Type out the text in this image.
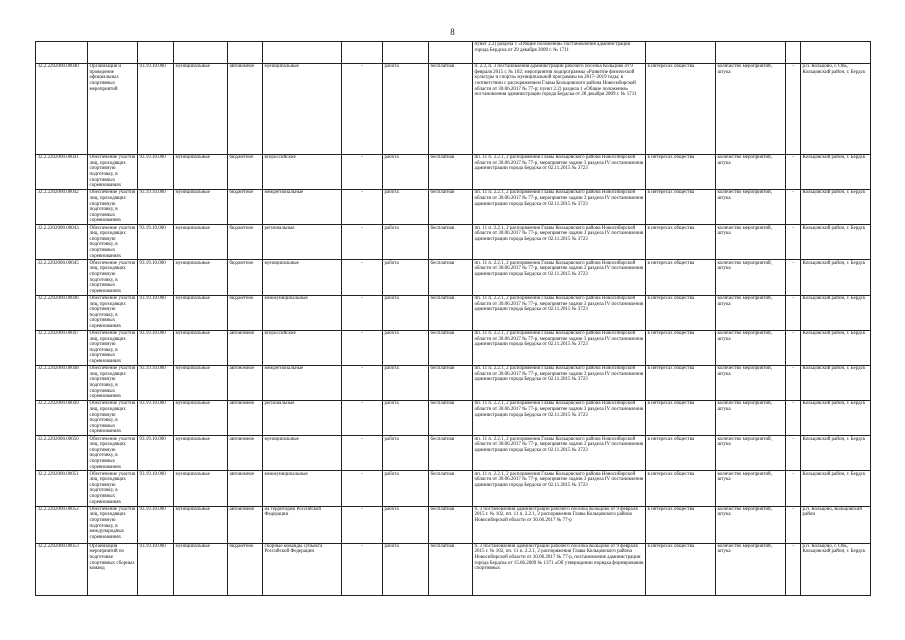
8
									пункт 2.2) раздела 1 «Общие положения» постановления администрации города Бердска от 29 декабря 2009 г. № 1711				
32.2.2202000.00040	Организация и проведение официальных спортивных мероприятий	93.19.10.000	муниципальные	автономное	муниципальные	-	работа	бесплатная	п. 2.3, п. 3 постановления администрации рабочего поселка Кольцово от 9 февраля 2015 г. № 102; мероприятия подпрограммы «Развитие физической культуры и спорта» муниципальной программы на 2017–2019 годы; в соответствии с распоряжением Главы Кольцовского района Новосибирской области от 30.06.2017 № 77-р; пункт 2.2) раздела 1 «Общие положения» постановления администрации города Бердска от 28 декабря 2009 г. № 1711	в интересах общества	количество мероприятий, штука	-	р.п. Кольцово, г. Обь, Кольцовский район, г. Бердск
32.2.2202000.00041	Обеспечение участия лиц, проходящих спортивную подготовку, в спортивных соревнованиях	93.19.10.000	муниципальные	бюджетное	всероссийские	-	работа	бесплатная	пп. 11 п. 2.2.1, 2 распоряжения Главы Кольцовского района Новосибирской области от 30.06.2017 № 77-р, мероприятие задачи 3 раздела IV постановления администрации города Бердска от 02.11.2015 № 3723	в интересах общества	количество мероприятий, штука	-	Кольцовский район, г. Бердск
32.2.2202000.00042	Обеспечение участия лиц, проходящих спортивную подготовку, в спортивных соревнованиях	93.19.10.000	муниципальные	бюджетное	межрегиональные	-	работа	бесплатная	пп. 11 п. 2.2.1, 2 распоряжения Главы Кольцовского района Новосибирской области от 30.06.2017 № 77-р, мероприятие задачи 3 раздела IV постановления администрации города Бердска от 02.11.2015 № 3723	в интересах общества	количество мероприятий, штука	-	Кольцовский район, г. Бердск
32.2.2202000.00043	Обеспечение участия лиц, проходящих спортивную подготовку, в спортивных соревнованиях	93.19.10.000	муниципальные	бюджетное	региональные	-	работа	бесплатная	пп. 11 п. 2.2.1, 2 распоряжения Главы Кольцовского района Новосибирской области от 30.06.2017 № 77-р, мероприятие задачи 3 раздела IV постановления администрации города Бердска от 02.11.2015 № 3723	в интересах общества	количество мероприятий, штука	-	Кольцовский район, г. Бердск
32.2.2202000.00045	Обеспечение участия лиц, проходящих спортивную подготовку, в спортивных соревнованиях	93.19.10.000	муниципальные	бюджетное	муниципальные	-	работа	бесплатная	пп. 11 п. 2.2.1, 2 распоряжения Главы Кольцовского района Новосибирской области от 30.06.2017 № 77-р, мероприятие задачи 3 раздела IV постановления администрации города Бердска от 02.11.2015 № 3723	в интересах общества	количество мероприятий, штука	-	Кольцовский район, г. Бердск
32.2.2202000.00046	Обеспечение участия лиц, проходящих спортивную подготовку, в спортивных соревнованиях	93.19.10.000	муниципальные	бюджетное	межмуниципальные	-	работа	бесплатная	пп. 11 п. 2.2.1, 2 распоряжения Главы Кольцовского района Новосибирской области от 30.06.2017 № 77-р, мероприятие задачи 3 раздела IV постановления администрации города Бердска от 02.11.2015 № 3723	в интересах общества	количество мероприятий, штука	-	Кольцовский район, г. Бердск
32.2.2202000.00047	Обеспечение участия лиц, проходящих спортивную подготовку, в спортивных соревнованиях	93.19.10.000	муниципальные	автономное	всероссийские	-	работа	бесплатная	пп. 11 п. 2.2.1, 2 распоряжения Главы Кольцовского района Новосибирской области от 30.06.2017 № 77-р, мероприятие задачи 3 раздела IV постановления администрации города Бердска от 02.11.2015 № 3723	в интересах общества	количество мероприятий, штука	-	Кольцовский район, г. Бердск
32.2.2202000.00048	Обеспечение участия лиц, проходящих спортивную подготовку, в спортивных соревнованиях	93.19.10.000	муниципальные	автономное	межрегиональные	-	работа	бесплатная	пп. 11 п. 2.2.1, 2 распоряжения Главы Кольцовского района Новосибирской области от 30.06.2017 № 77-р, мероприятие задачи 3 раздела IV постановления администрации города Бердска от 02.11.2015 № 3723	в интересах общества	количество мероприятий, штука	-	Кольцовский район, г. Бердск
32.2.2202000.00049	Обеспечение участия лиц, проходящих спортивную подготовку, в спортивных соревнованиях	93.19.10.000	муниципальные	автономное	региональные	-	работа	бесплатная	пп. 11 п. 2.2.1, 2 распоряжения Главы Кольцовского района Новосибирской области от 30.06.2017 № 77-р, мероприятие задачи 3 раздела IV постановления администрации города Бердска от 02.11.2015 № 3723	в интересах общества	количество мероприятий, штука	-	Кольцовский район, г. Бердск
32.2.2202000.00050	Обеспечение участия лиц, проходящих спортивную подготовку, в спортивных соревнованиях	93.19.10.000	муниципальные	автономное	муниципальные	-	работа	бесплатная	пп. 11 п. 2.2.1, 2 распоряжения Главы Кольцовского района Новосибирской области от 30.06.2017 № 77-р, мероприятие задачи 3 раздела IV постановления администрации города Бердска от 02.11.2015 № 3723	в интересах общества	количество мероприятий, штука	-	Кольцовский район, г. Бердск
32.2.2202000.00051	Обеспечение участия лиц, проходящих спортивную подготовку, в спортивных соревнованиях	93.19.10.000	муниципальные	автономное	межмуниципальные	-	работа	бесплатная	пп. 11 п. 2.2.1, 2 распоряжения Главы Кольцовского района Новосибирской области от 30.06.2017 № 77-р, мероприятие задачи 3 раздела IV постановления администрации города Бердска от 02.11.2015 № 3723	в интересах общества	количество мероприятий, штука	-	Кольцовский район, г. Бердск
32.2.2202000.00052	Обеспечение участия лиц, проходящих спортивную подготовку, в международных соревнованиях	93.19.10.000	муниципальные	автономное	на территории Российской Федерации	-	работа	бесплатная	п. 3 постановления администрации рабочего поселка Кольцово от 9 февраля 2015 г. № 102, пп. 11 п. 2.2.1, 2 распоряжения Главы Кольцовского района Новосибирской области от 30.06.2017 № 77-р	в интересах общества	количество мероприятий, штука	-	р.п. Кольцово, Кольцовский район
32.2.2202000.00053	Организация мероприятий по подготовке спортивных сборных команд	93.19.10.000	муниципальные	бюджетное	сборные команды субъекта Российской Федерации	-	работа	бесплатная	п. 3 постановления администрации рабочего поселка Кольцово от 9 февраля 2015 г. № 102, пп. 11 п. 2.2.1, 2 распоряжения Главы Кольцовского района Новосибирской области от 30.06.2017 № 77-р, постановление администрации города Бердска от 15.06.2009 № 1371 «Об утверждении порядка формирования спортивных	в интересах общества	количество мероприятий, штука	-	р.п. Кольцово, г. Обь, Кольцовский район, г. Бердск
